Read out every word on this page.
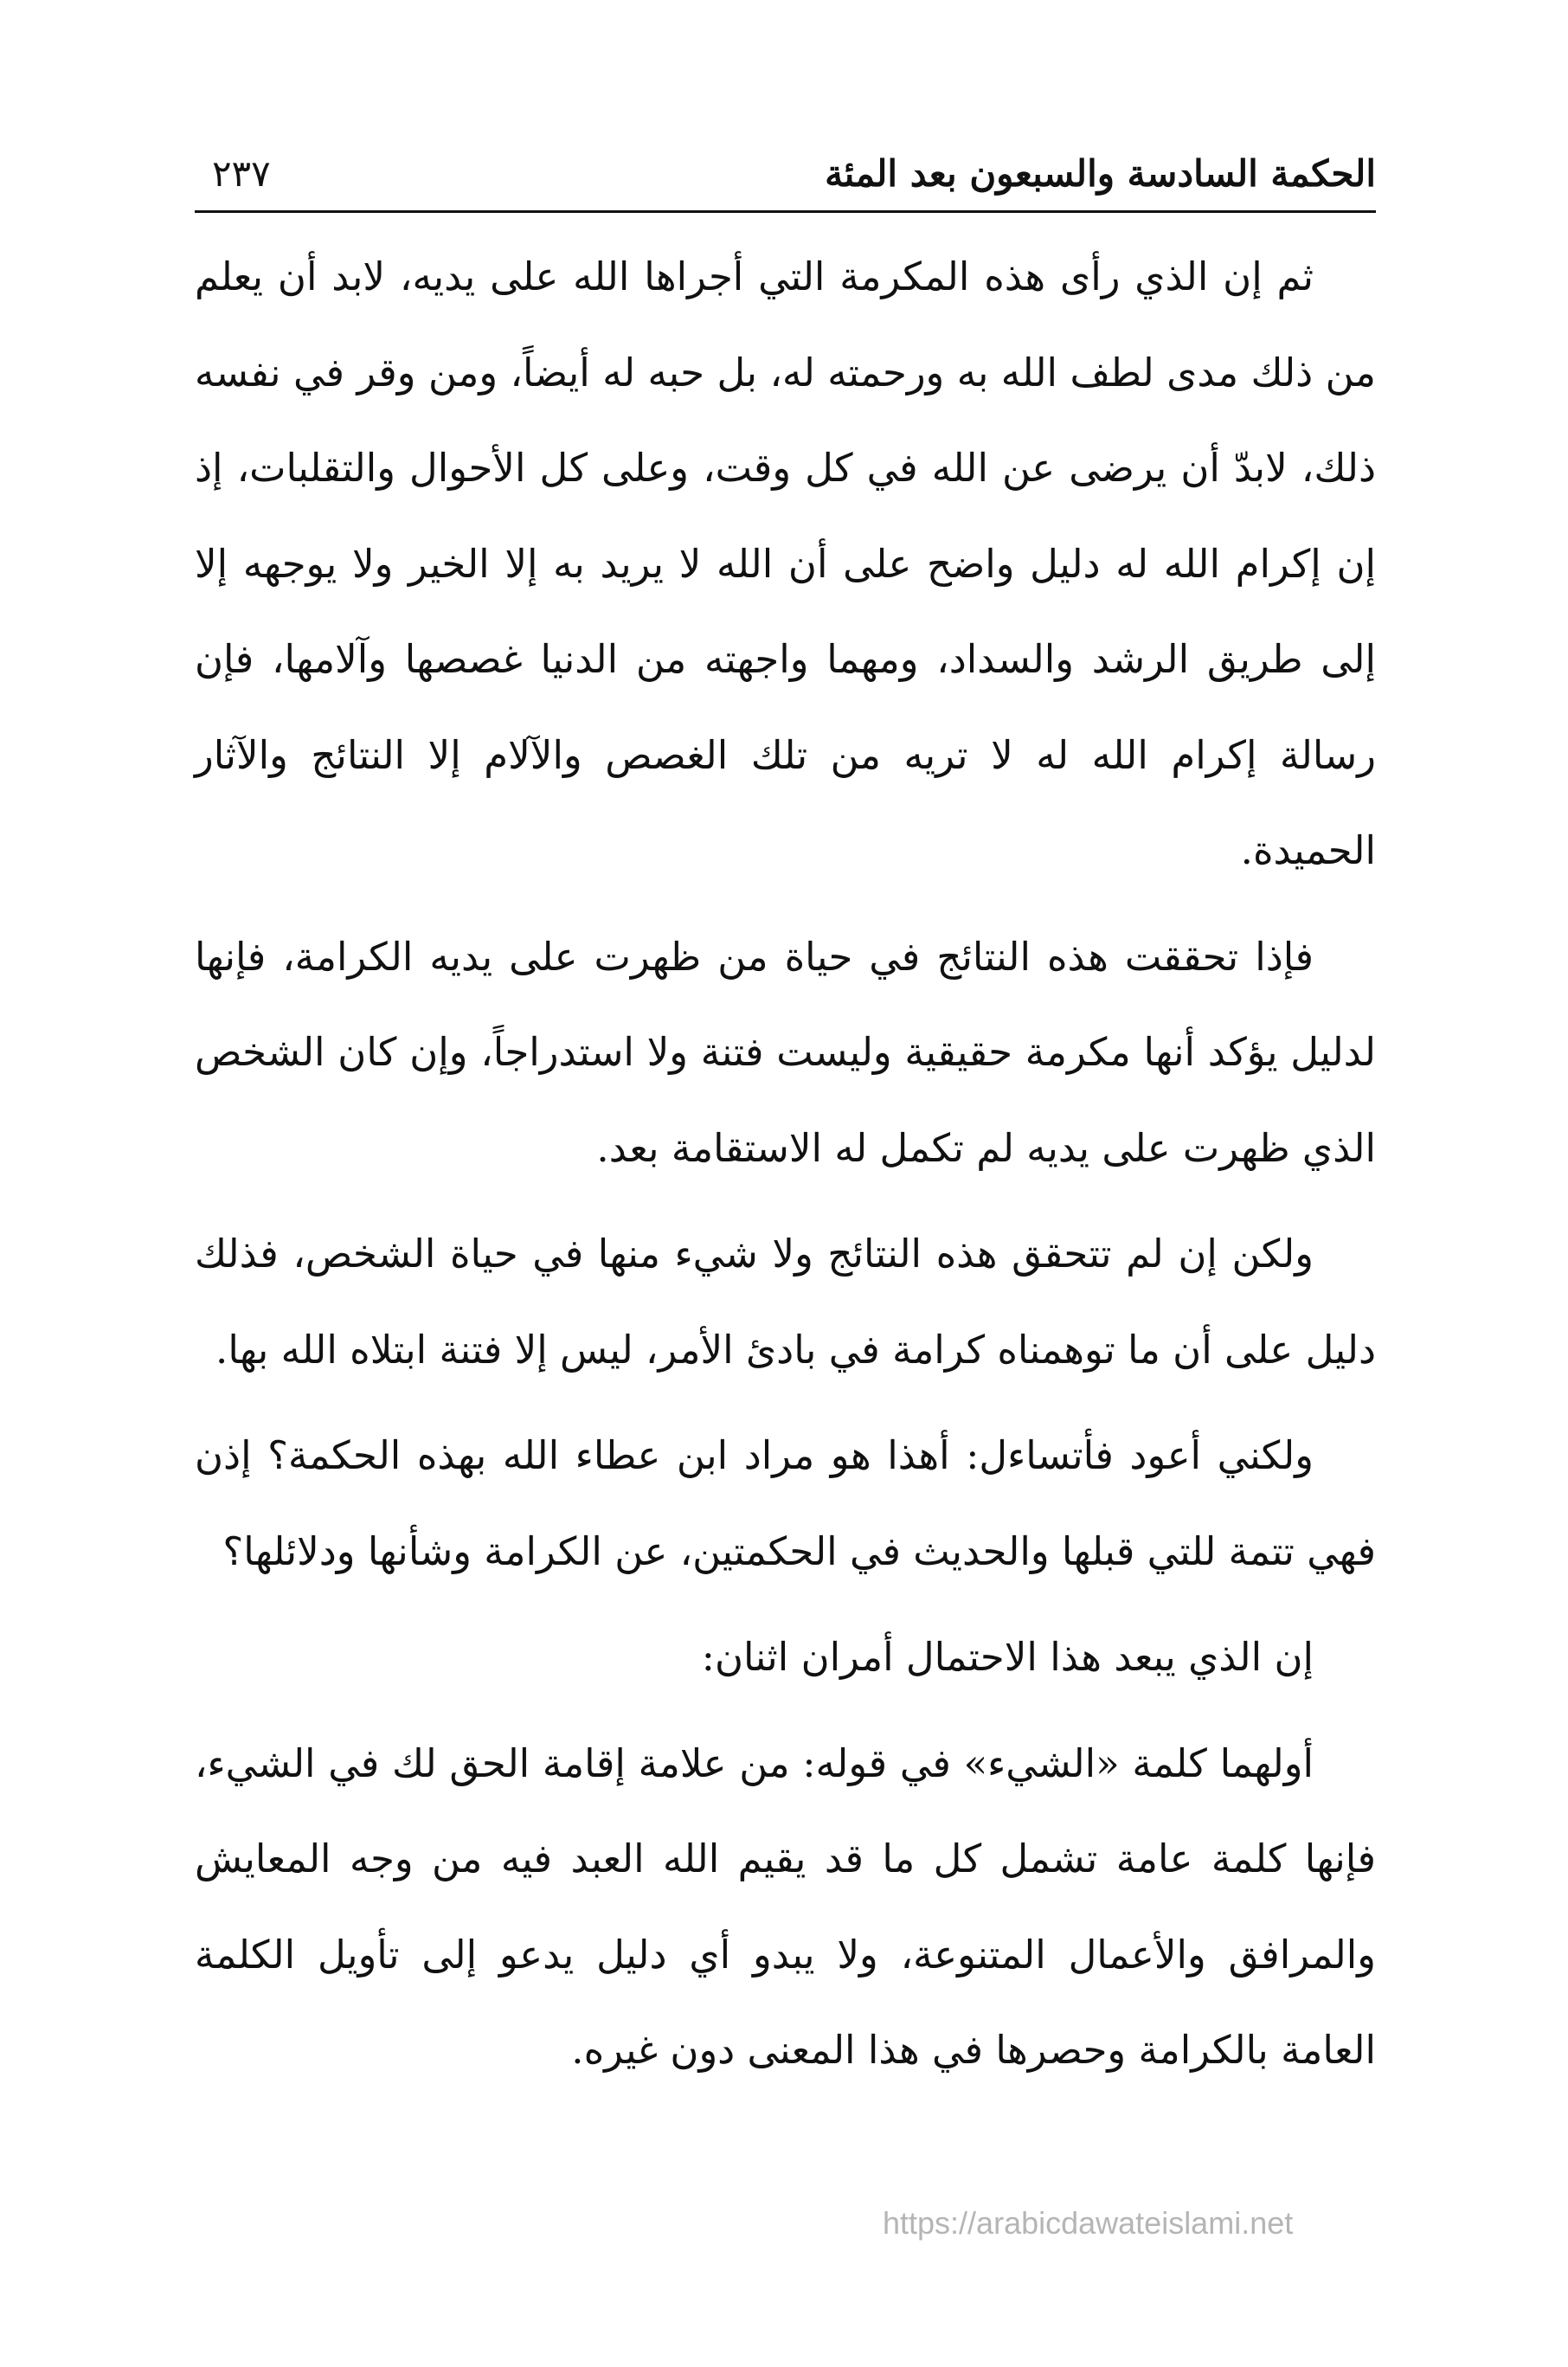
الحكمة السادسة والسبعون بعد المئة
٢٣٧

ثم إن الذي رأى هذه المكرمة التي أجراها الله على يديه، لابد أن يعلم من ذلك مدى لطف الله به ورحمته له، بل حبه له أيضاً، ومن وقر في نفسه ذلك، لابدّ أن يرضى عن الله في كل وقت، وعلى كل الأحوال والتقلبات، إذ إن إكرام الله له دليل واضح على أن الله لا يريد به إلا الخير ولا يوجهه إلا إلى طريق الرشد والسداد، ومهما واجهته من الدنيا غصصها وآلامها، فإن رسالة إكرام الله له لا تريه من تلك الغصص والآلام إلا النتائج والآثار الحميدة.

فإذا تحققت هذه النتائج في حياة من ظهرت على يديه الكرامة، فإنها لدليل يؤكد أنها مكرمة حقيقية وليست فتنة ولا استدراجاً، وإن كان الشخص الذي ظهرت على يديه لم تكمل له الاستقامة بعد.

ولكن إن لم تتحقق هذه النتائج ولا شيء منها في حياة الشخص، فذلك دليل على أن ما توهمناه كرامة في بادئ الأمر، ليس إلا فتنة ابتلاه الله بها.

ولكني أعود فأتساءل: أهذا هو مراد ابن عطاء الله بهذه الحكمة؟ إذن فهي تتمة للتي قبلها والحديث في الحكمتين، عن الكرامة وشأنها ودلائلها؟

إن الذي يبعد هذا الاحتمال أمران اثنان:

أولهما كلمة «الشيء» في قوله: من علامة إقامة الحق لك في الشيء، فإنها كلمة عامة تشمل كل ما قد يقيم الله العبد فيه من وجه المعايش والمرافق والأعمال المتنوعة، ولا يبدو أي دليل يدعو إلى تأويل الكلمة العامة بالكرامة وحصرها في هذا المعنى دون غيره.

https://arabicdawateislami.net
